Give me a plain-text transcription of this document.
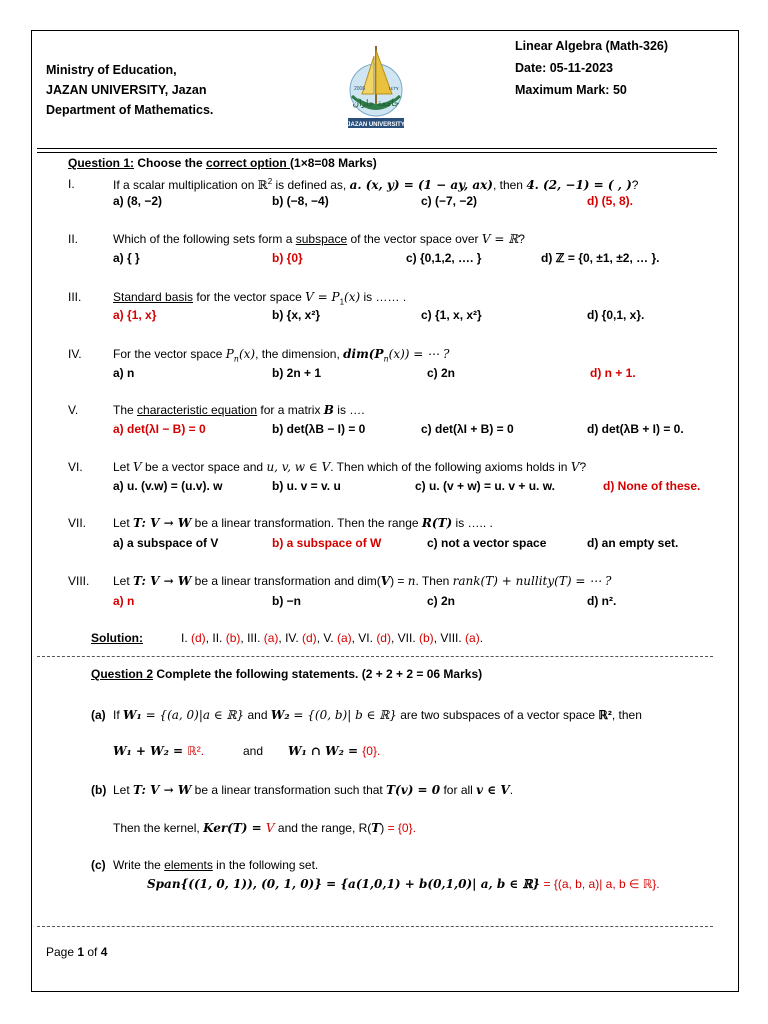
Ministry of Education,
JAZAN UNIVERSITY, Jazan
Department of Mathematics.
2006	١٤٢٧
جامعة جازان
JAZAN UNIVERSITY
Linear Algebra (Math-326)
Date: 05-11-2023
Maximum Mark: 50
Question 1: Choose the correct option (1×8=08 Marks)
I.	If a scalar multiplication on ℝ$^2$ is defined as, a. (x, y) = (1 − ay, ax), then 4. (2, −1) = ( , )?
a) (8, −2)	b) (−8, −4)	c) (−7, −2)	d) (5, 8).
II.	Which of the following sets form a subspace of the vector space over V = ℝ?
a) { }	b) {0}	c) {0,1,2, …. }	d) ℤ = {0, ±1, ±2, … }.
III.	Standard basis for the vector space $V = P_1(x)$ is …… .
a) {1, x}	b) {x, x²}	c) {1, x, x²}	d) {0,1, x}.
IV.	For the vector space $P_n(x)$, the dimension, $dim(P_n(x))$ = ⋯ ?
a) n	b) 2n + 1	c) 2n	d) n + 1.
V.	The characteristic equation for a matrix B is ….
a) det(λI − B) = 0	b) det(λB − I) = 0	c) det(λI + B) = 0	d) det(λB + I) = 0.
VI.	Let V be a vector space and u, v, w ∈ V. Then which of the following axioms holds in V?
a) u. (v.w) = (u.v). w	b) u. v = v. u	c) u. (v + w) = u. v + u. w.	d) None of these.
VII. Let T: V → W be a linear transformation. Then the range R(T) is ….. .
a) a subspace of V	b) a subspace of W	c) not a vector space	d) an empty set.
VIII. Let T: V → W be a linear transformation and dim(V) = n. Then rank(T) + nullity(T) = ⋯ ?
a) n	b) −n	c) 2n	d) n².
Solution:	I. (d), II. (b), III. (a), IV. (d), V. (a), VI. (d), VII. (b), VIII. (a).
Question 2 Complete the following statements. (2 + 2 + 2 = 06 Marks)
(a) If W₁ = {(a, 0)|a ∈ ℝ} and W₂ = {(0, b)| b ∈ ℝ} are two subspaces of a vector space ℝ², then
W₁ + W₂ = ℝ².	and W₁ ∩ W₂ = {0}.
(b) Let T: V → W be a linear transformation such that T(v) = 0 for all v ∈ V.
Then the kernel, Ker(T) = V and the range, R(T) = {0}.
(c) Write the elements in the following set.
Span{((1, 0, 1)), (0, 1, 0)} = {a(1,0,1) + b(0,1,0)| a, b ∈ ℝ} = {(a, b, a)| a, b ∈ ℝ}.
Page 1 of 4
